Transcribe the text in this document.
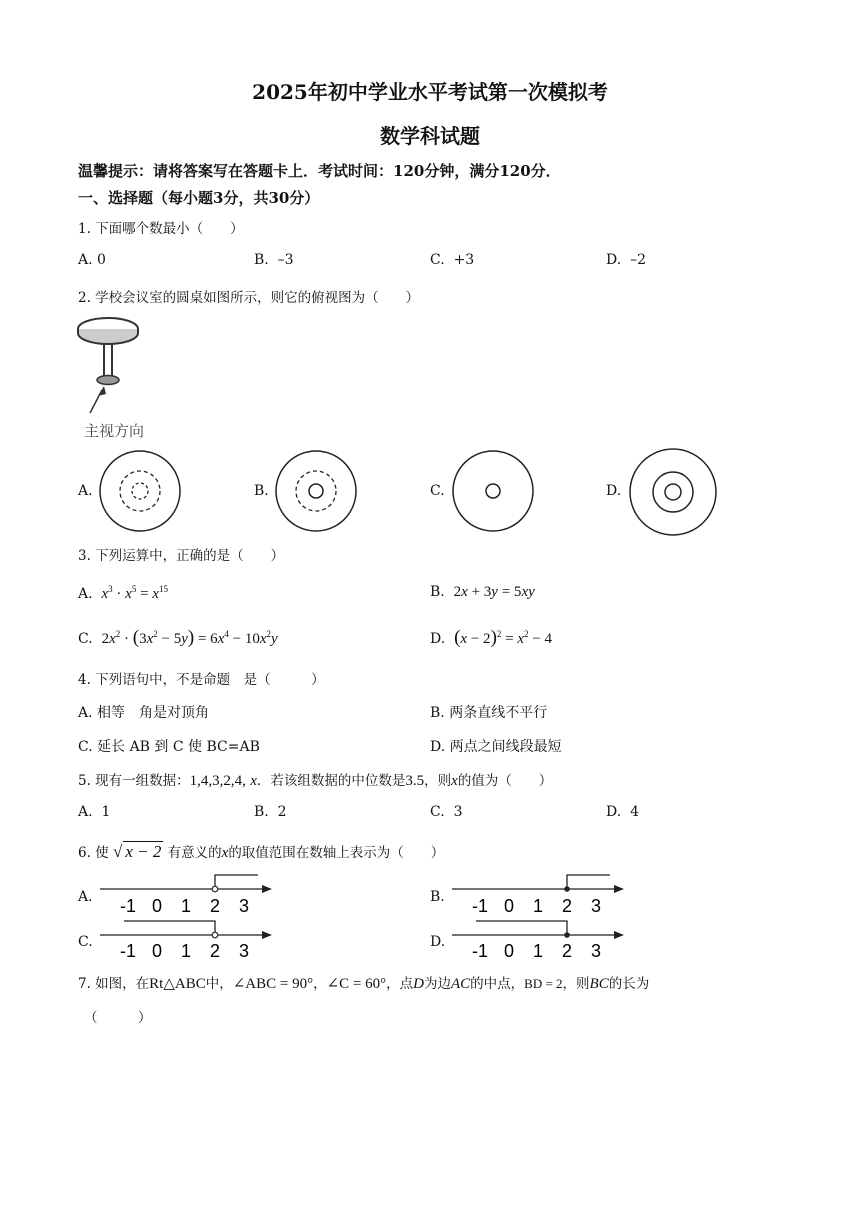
2025年初中学业水平考试第一次模拟考
数学科试题
温馨提示：请将答案写在答题卡上．考试时间：120分钟，满分120分．
一、选择题（每小题3分，共30分）
1. 下面哪个数最小（　　）
A. 0	B. –3	C. +3	D. –2
2. 学校会议室的圆桌如图所示，则它的俯视图为（　　）
主视方向
A.	B.	C.	D.
3. 下列运算中，正确的是（　　）
A. $x^3 \cdot x^5 = x^{15}$	B. 2x + 3y = 5xy
C. $2x^2 \cdot (3x^2 - 5y) = 6x^4 - 10x^2y$	D. $(x - 2)^2 = x^2 - 4$
4. 下列语句中，不是命题　是（　　　）
A. 相等　角是对顶角	B. 两条直线不平行
C. 延长 AB 到 C 使 BC=AB	D. 两点之间线段最短
5. 现有一组数据：1,4,3,2,4, x．若该组数据的中位数是3.5，则x的值为（　　）
A. 1	B. 2	C. 3	D. 4
6. 使 √ x − 2 有意义的x的取值范围在数轴上表示为（　　）
A.	B.
C.	D.
-1 0 1 2 3	-1 0 1 2 3
-1 0 1 2 3	-1 0 1 2 3
7. 如图，在Rt△ABC中，∠ABC = 90°，∠C = 60°，点D为边AC的中点，BD = 2，则BC的长为
（　　　）
